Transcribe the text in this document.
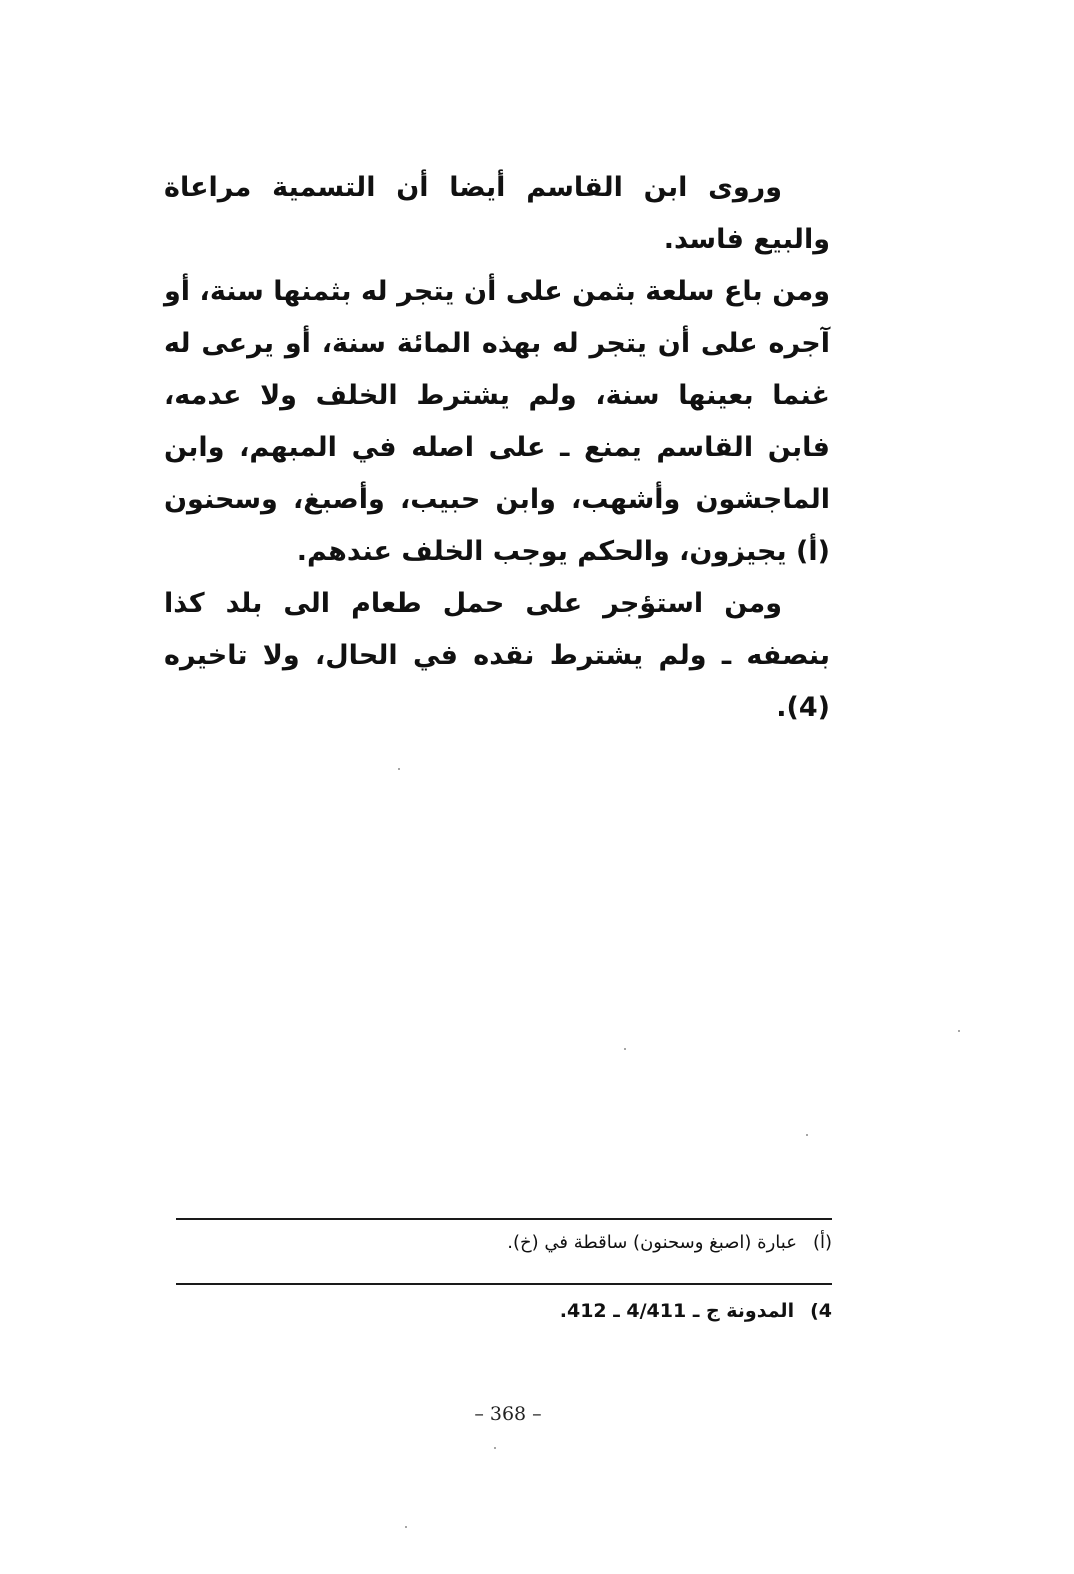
وروى ابن القاسم أيضا أن التسمية مراعاة والبيع فاسد.

ومن باع سلعة بثمن على أن يتجر له بثمنها سنة، أو آجره على أن يتجر له بهذه المائة سنة، أو يرعى له غنما بعينها سنة، ولم يشترط الخلف ولا عدمه، فابن القاسم يمنع ـ على اصله في المبهم، وابن الماجشون وأشهب، وابن حبيب، وأصبغ، وسحنون (أ) يجيزون، والحكم يوجب الخلف عندهم.

ومن استؤجر على حمل طعام الى بلد كذا بنصفه ـ ولم يشترط نقده في الحال، ولا تاخيره (4).

(أ)عبارة (اصبغ وسحنون) ساقطة في (خ).
4)المدونة ج ـ 4/411 ـ 412.
– 368 –
